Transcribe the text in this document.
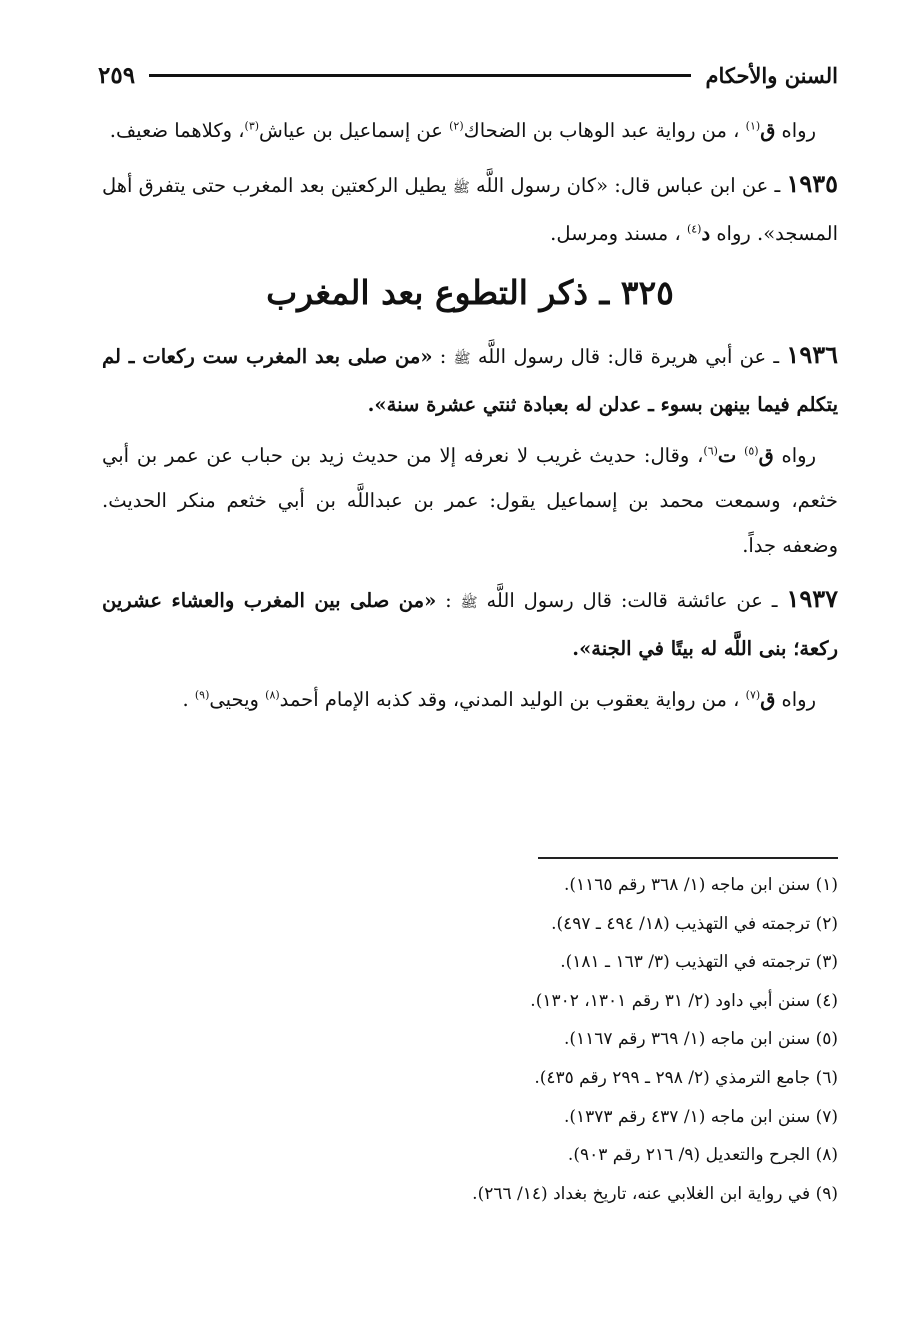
السنن والأحكام
٢٥٩

رواه ق$^{(١)}$ ، من رواية عبد الوهاب بن الضحاك$^{(٢)}$ عن إسماعيل بن عياش$^{(٣)}$، وكلاهما ضعيف.

١٩٣٥ ـ عن ابن عباس قال: «كان رسول اللَّه ﷺ يطيل الركعتين بعد المغرب حتى يتفرق أهل المسجد». رواه د$^{(٤)}$ ، مسند ومرسل.

٣٢٥ ـ ذكر التطوع بعد المغرب

١٩٣٦ ـ عن أبي هريرة قال: قال رسول اللَّه ﷺ : «من صلى بعد المغرب ست ركعات ـ لم يتكلم فيما بينهن بسوء ـ عدلن له بعبادة ثنتي عشرة سنة».

رواه ق$^{(٥)}$ ت$^{(٦)}$، وقال: حديث غريب لا نعرفه إلا من حديث زيد بن حباب عن عمر بن أبي خثعم، وسمعت محمد بن إسماعيل يقول: عمر بن عبداللَّه بن أبي خثعم منكر الحديث. وضعفه جداً.

١٩٣٧ ـ عن عائشة قالت: قال رسول اللَّه ﷺ : «من صلى بين المغرب والعشاء عشرين ركعة؛ بنى اللَّه له بيتًا في الجنة».

رواه ق$^{(٧)}$ ، من رواية يعقوب بن الوليد المدني، وقد كذبه الإمام أحمد$^{(٨)}$ ويحيى$^{(٩)}$ .

(١) سنن ابن ماجه (١/ ٣٦٨ رقم ١١٦٥).
(٢) ترجمته في التهذيب (١٨/ ٤٩٤ ـ ٤٩٧).
(٣) ترجمته في التهذيب (٣/ ١٦٣ ـ ١٨١).
(٤) سنن أبي داود (٢/ ٣١ رقم ١٣٠١، ١٣٠٢).
(٥) سنن ابن ماجه (١/ ٣٦٩ رقم ١١٦٧).
(٦) جامع الترمذي (٢/ ٢٩٨ ـ ٢٩٩ رقم ٤٣٥).
(٧) سنن ابن ماجه (١/ ٤٣٧ رقم ١٣٧٣).
(٨) الجرح والتعديل (٩/ ٢١٦ رقم ٩٠٣).
(٩) في رواية ابن الغلابي عنه، تاريخ بغداد (١٤/ ٢٦٦).
